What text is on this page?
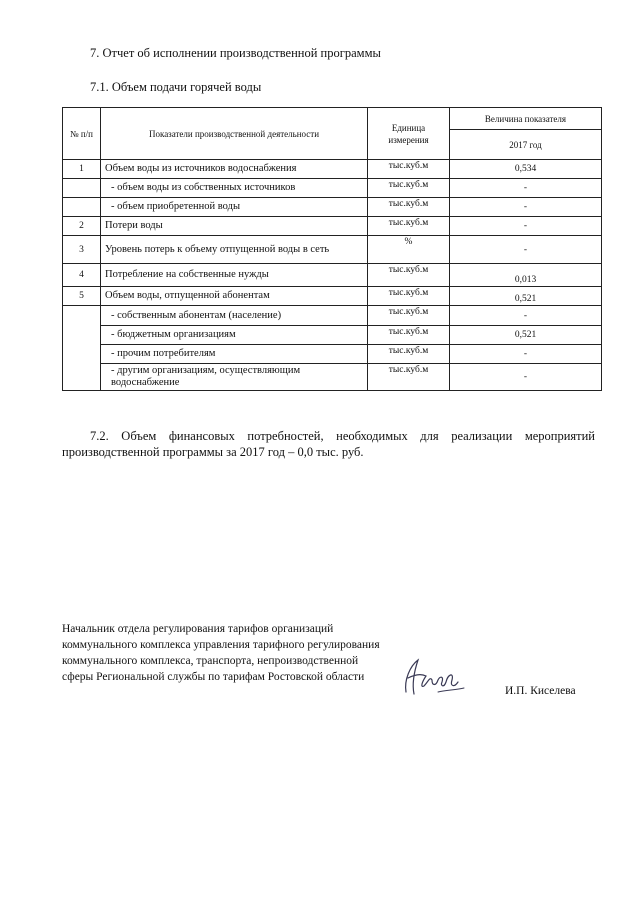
7. Отчет об исполнении производственной программы
7.1. Объем подачи горячей воды
№ п/п	Показатели производственной деятельности	Единица измерения	Величина показателя
			2017 год
1	Объем воды из источников водоснабжения	тыс.куб.м	0,534
	- объем воды из собственных источников	тыс.куб.м	-
	- объем приобретенной воды	тыс.куб.м	-
2	Потери воды	тыс.куб.м	-
3	Уровень потерь к объему отпущенной воды в сеть	%	-
4	Потребление на собственные нужды	тыс.куб.м	0,013
5	Объем воды, отпущенной абонентам	тыс.куб.м	0,521
	- собственным абонентам (население)	тыс.куб.м	-
	- бюджетным организациям	тыс.куб.м	0,521
	- прочим потребителям	тыс.куб.м	-
	- другим организациям, осуществляющим водоснабжение	тыс.куб.м	-
7.2. Объем финансовых потребностей, необходимых для реализации мероприятий производственной программы за 2017 год – 0,0 тыс. руб.
Начальник отдела регулирования тарифов организаций коммунального комплекса управления тарифного регулирования коммунального комплекса, транспорта, непроизводственной сферы Региональной службы по тарифам Ростовской области
И.П. Киселева
